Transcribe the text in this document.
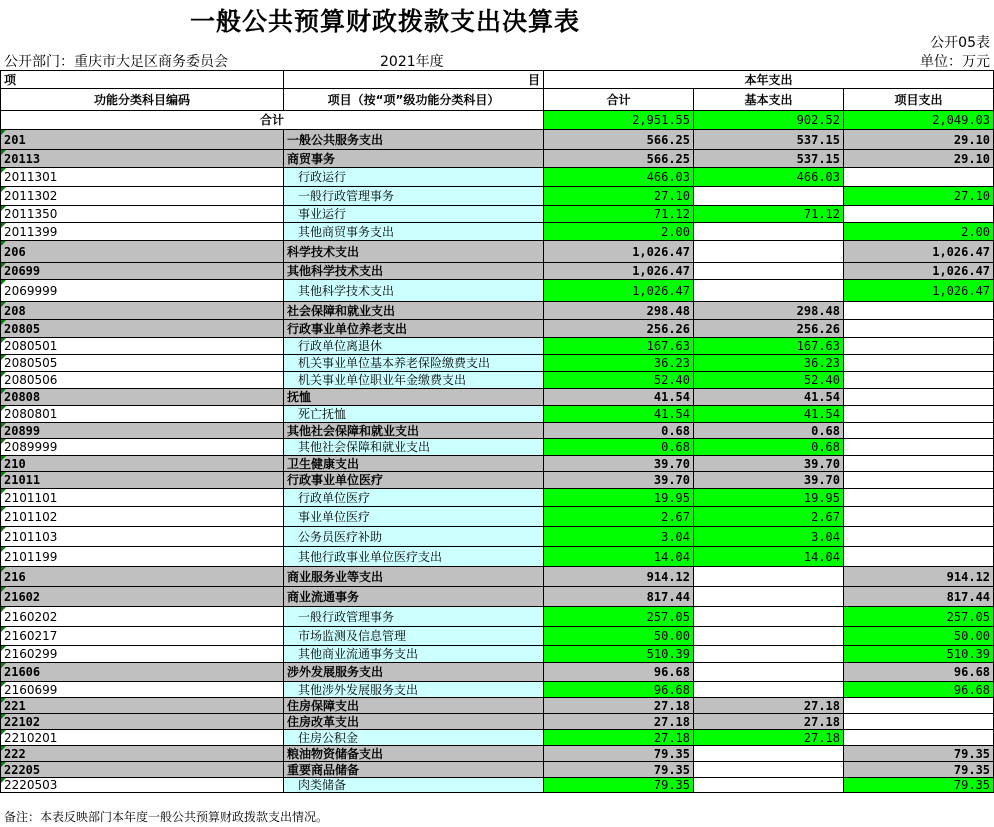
一般公共预算财政拨款支出决算表
公开05表
公开部门：重庆市大足区商务委员会	2021年度	单位：万元
项	目	本年支出		
功能分类科目编码	项目（按“项”级功能分类科目）	合计	基本支出	项目支出
合计		2,951.55	902.52	2,049.03
201	一般公共服务支出	566.25	537.15	29.10
20113	商贸事务	566.25	537.15	29.10
2011301	行政运行	466.03	466.03	
2011302	一般行政管理事务	27.10		27.10
2011350	事业运行	71.12	71.12	
2011399	其他商贸事务支出	2.00		2.00
206	科学技术支出	1,026.47		1,026.47
20699	其他科学技术支出	1,026.47		1,026.47
2069999	其他科学技术支出	1,026.47		1,026.47
208	社会保障和就业支出	298.48	298.48	
20805	行政事业单位养老支出	256.26	256.26	
2080501	行政单位离退休	167.63	167.63	
2080505	机关事业单位基本养老保险缴费支出	36.23	36.23	
2080506	机关事业单位职业年金缴费支出	52.40	52.40	
20808	抚恤	41.54	41.54	
2080801	死亡抚恤	41.54	41.54	
20899	其他社会保障和就业支出	0.68	0.68	
2089999	其他社会保障和就业支出	0.68	0.68	
210	卫生健康支出	39.70	39.70	
21011	行政事业单位医疗	39.70	39.70	
2101101	行政单位医疗	19.95	19.95	
2101102	事业单位医疗	2.67	2.67	
2101103	公务员医疗补助	3.04	3.04	
2101199	其他行政事业单位医疗支出	14.04	14.04	
216	商业服务业等支出	914.12		914.12
21602	商业流通事务	817.44		817.44
2160202	一般行政管理事务	257.05		257.05
2160217	市场监测及信息管理	50.00		50.00
2160299	其他商业流通事务支出	510.39		510.39
21606	涉外发展服务支出	96.68		96.68
2160699	其他涉外发展服务支出	96.68		96.68
221	住房保障支出	27.18	27.18	
22102	住房改革支出	27.18	27.18	
2210201	住房公积金	27.18	27.18	
222	粮油物资储备支出	79.35		79.35
22205	重要商品储备	79.35		79.35
2220503	肉类储备	79.35		79.35
备注：本表反映部门本年度一般公共预算财政拨款支出情况。
